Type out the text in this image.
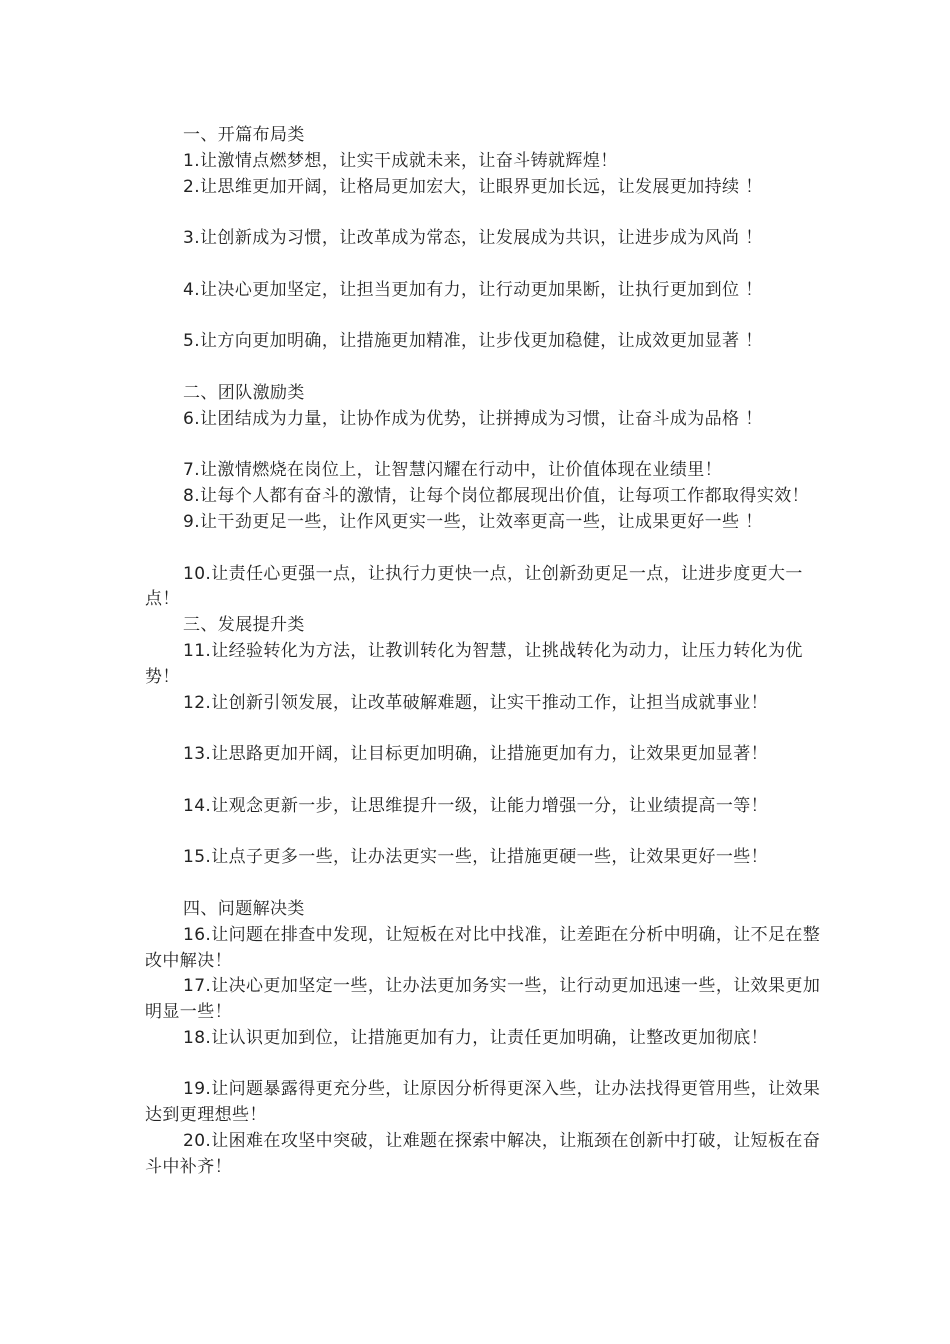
一、开篇布局类

1.让激情点燃梦想，让实干成就未来，让奋斗铸就辉煌！

2.让思维更加开阔，让格局更加宏大，让眼界更加长远，让发展更加持续 ！

3.让创新成为习惯，让改革成为常态，让发展成为共识，让进步成为风尚 ！

4.让决心更加坚定，让担当更加有力，让行动更加果断，让执行更加到位 ！

5.让方向更加明确，让措施更加精准，让步伐更加稳健，让成效更加显著 ！

二、团队激励类

6.让团结成为力量，让协作成为优势，让拼搏成为习惯，让奋斗成为品格 ！

7.让激情燃烧在岗位上，让智慧闪耀在行动中，让价值体现在业绩里！

8.让每个人都有奋斗的激情，让每个岗位都展现出价值，让每项工作都取得实效！

9.让干劲更足一些，让作风更实一些，让效率更高一些，让成果更好一些 ！

10.让责任心更强一点，让执行力更快一点，让创新劲更足一点，让进步度更大一点！

三、发展提升类

11.让经验转化为方法，让教训转化为智慧，让挑战转化为动力，让压力转化为优势！

12.让创新引领发展，让改革破解难题，让实干推动工作，让担当成就事业！

13.让思路更加开阔，让目标更加明确，让措施更加有力，让效果更加显著！

14.让观念更新一步，让思维提升一级，让能力增强一分，让业绩提高一等！

15.让点子更多一些，让办法更实一些，让措施更硬一些，让效果更好一些！

四、问题解决类

16.让问题在排查中发现，让短板在对比中找准，让差距在分析中明确，让不足在整改中解决！

17.让决心更加坚定一些，让办法更加务实一些，让行动更加迅速一些，让效果更加明显一些！

18.让认识更加到位，让措施更加有力，让责任更加明确，让整改更加彻底！

19.让问题暴露得更充分些，让原因分析得更深入些，让办法找得更管用些，让效果达到更理想些！

20.让困难在攻坚中突破，让难题在探索中解决，让瓶颈在创新中打破，让短板在奋斗中补齐！
